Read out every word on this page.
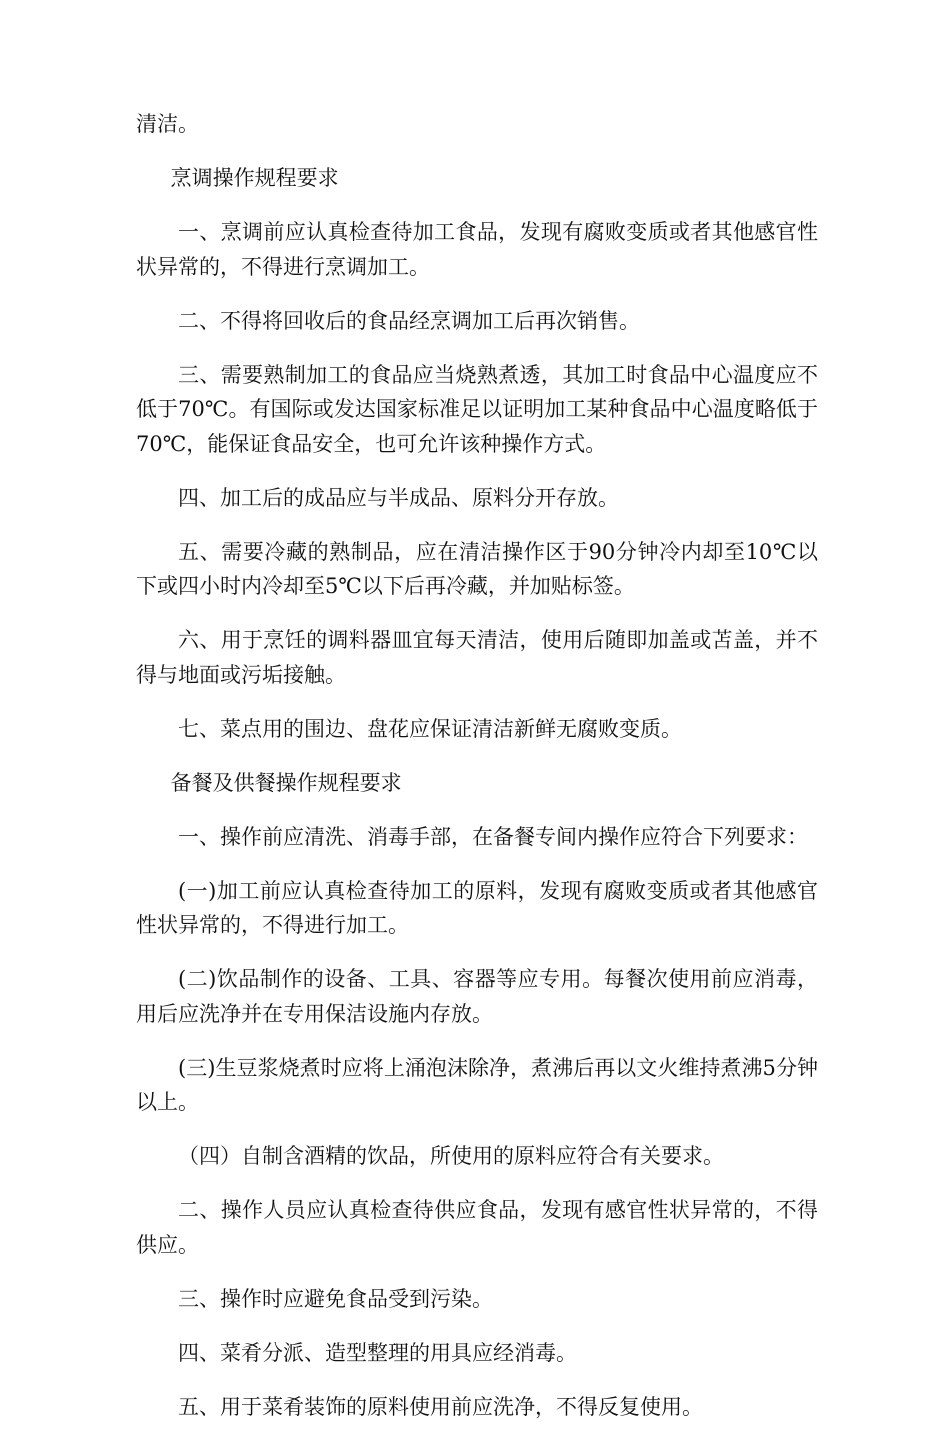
清洁。

烹调操作规程要求

一、烹调前应认真检查待加工食品，发现有腐败变质或者其他感官性状异常的，不得进行烹调加工。

二、不得将回收后的食品经烹调加工后再次销售。

三、需要熟制加工的食品应当烧熟煮透，其加工时食品中心温度应不低于70℃。有国际或发达国家标准足以证明加工某种食品中心温度略低于70℃，能保证食品安全，也可允许该种操作方式。

四、加工后的成品应与半成品、原料分开存放。

五、需要冷藏的熟制品，应在清洁操作区于90分钟冷内却至10℃以下或四小时内冷却至5℃以下后再冷藏，并加贴标签。

六、用于烹饪的调料器皿宜每天清洁，使用后随即加盖或苫盖，并不得与地面或污垢接触。

七、菜点用的围边、盘花应保证清洁新鲜无腐败变质。

备餐及供餐操作规程要求

一、操作前应清洗、消毒手部，在备餐专间内操作应符合下列要求：

(一)加工前应认真检查待加工的原料，发现有腐败变质或者其他感官性状异常的，不得进行加工。

(二)饮品制作的设备、工具、容器等应专用。每餐次使用前应消毒，用后应洗净并在专用保洁设施内存放。

(三)生豆浆烧煮时应将上涌泡沫除净，煮沸后再以文火维持煮沸5分钟以上。

（四）自制含酒精的饮品，所使用的原料应符合有关要求。

二、操作人员应认真检查待供应食品，发现有感官性状异常的，不得供应。

三、操作时应避免食品受到污染。

四、菜肴分派、造型整理的用具应经消毒。

五、用于菜肴装饰的原料使用前应洗净，不得反复使用。
